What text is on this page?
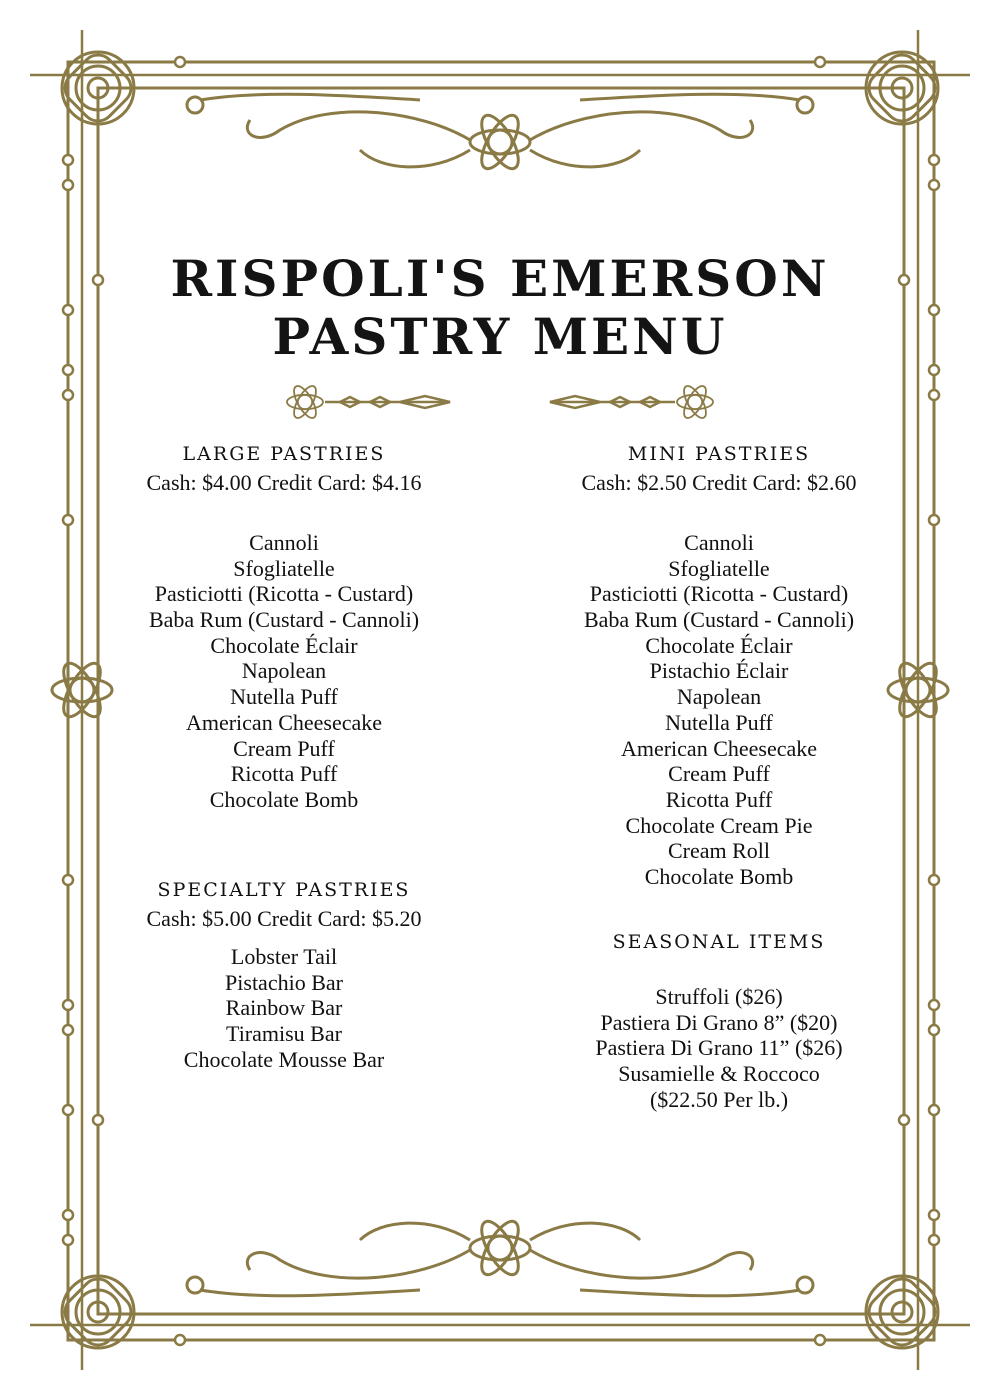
RISPOLI'S EMERSON
PASTRY MENU
LARGE PASTRIES
Cash: $4.00 Credit Card: $4.16
Cannoli
Sfogliatelle
Pasticiotti (Ricotta - Custard)
Baba Rum (Custard - Cannoli)
Chocolate Éclair
Napolean
Nutella Puff
American Cheesecake
Cream Puff
Ricotta Puff
Chocolate Bomb
SPECIALTY PASTRIES
Cash: $5.00 Credit Card: $5.20
Lobster Tail
Pistachio Bar
Rainbow Bar
Tiramisu Bar
Chocolate Mousse Bar
MINI PASTRIES
Cash: $2.50 Credit Card: $2.60
Cannoli
Sfogliatelle
Pasticiotti (Ricotta - Custard)
Baba Rum (Custard - Cannoli)
Chocolate Éclair
Pistachio Éclair
Napolean
Nutella Puff
American Cheesecake
Cream Puff
Ricotta Puff
Chocolate Cream Pie
Cream Roll
Chocolate Bomb
SEASONAL ITEMS
Struffoli ($26)
Pastiera Di Grano 8” ($20)
Pastiera Di Grano 11” ($26)
Susamielle & Roccoco
($22.50 Per lb.)
